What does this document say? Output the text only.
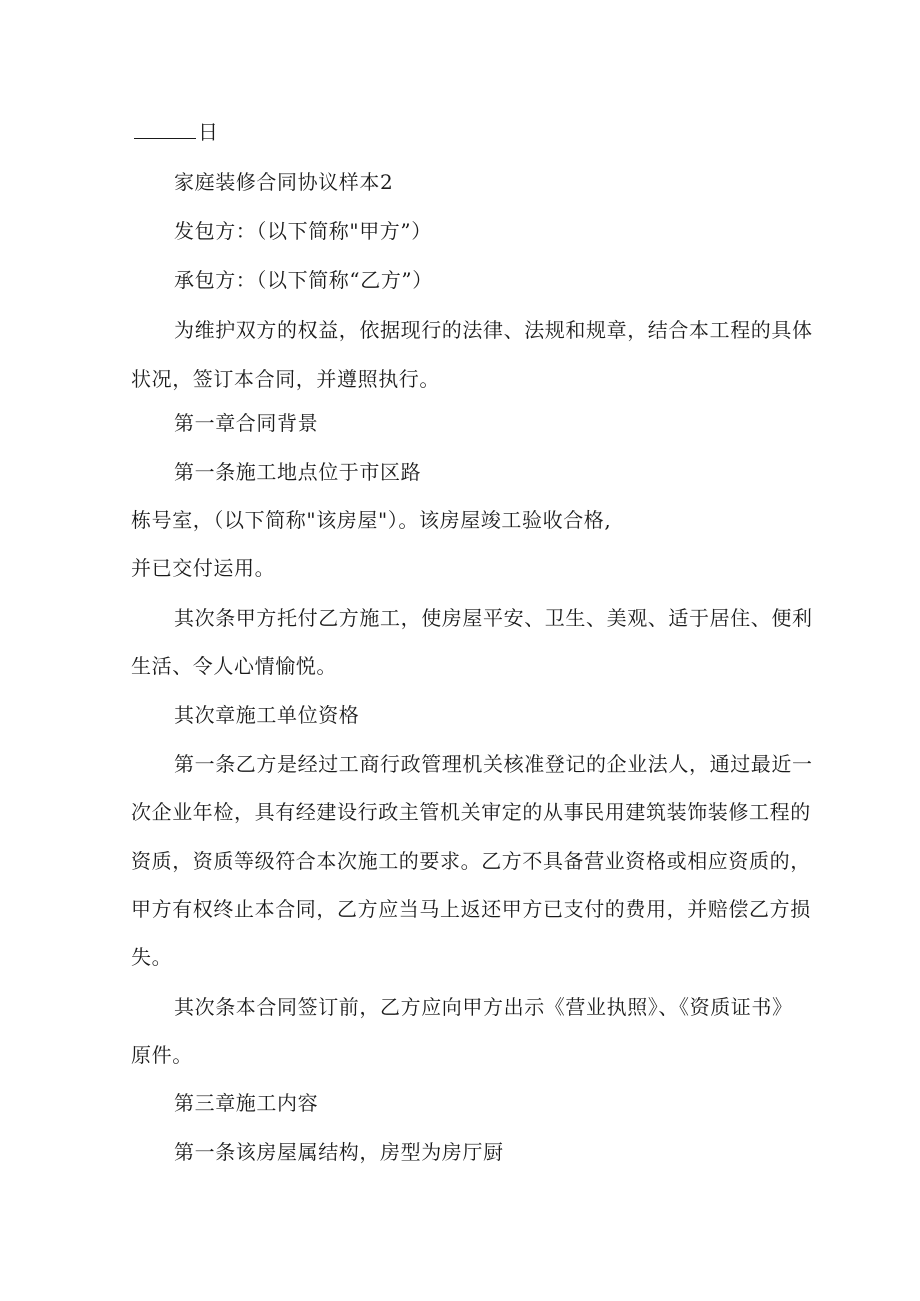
日
家庭装修合同协议样本2
发包方：（以下简称"甲方”）
承包方：（以下简称“乙方”）
为维护双方的权益，依据现行的法律、法规和规章，结合本工程的具体
状况，签订本合同，并遵照执行。
第一章合同背景
第一条施工地点位于市区路
栋号室，（以下简称"该房屋"）。该房屋竣工验收合格,
并已交付运用。
其次条甲方托付乙方施工，使房屋平安、卫生、美观、适于居住、便利
生活、令人心情愉悦。
其次章施工单位资格
第一条乙方是经过工商行政管理机关核准登记的企业法人，通过最近一
次企业年检，具有经建设行政主管机关审定的从事民用建筑装饰装修工程的
资质，资质等级符合本次施工的要求。乙方不具备营业资格或相应资质的，
甲方有权终止本合同，乙方应当马上返还甲方已支付的费用，并赔偿乙方损
失。
其次条本合同签订前，乙方应向甲方出示《营业执照》、《资质证书》
原件。
第三章施工内容
第一条该房屋属结构，房型为房厅厨
